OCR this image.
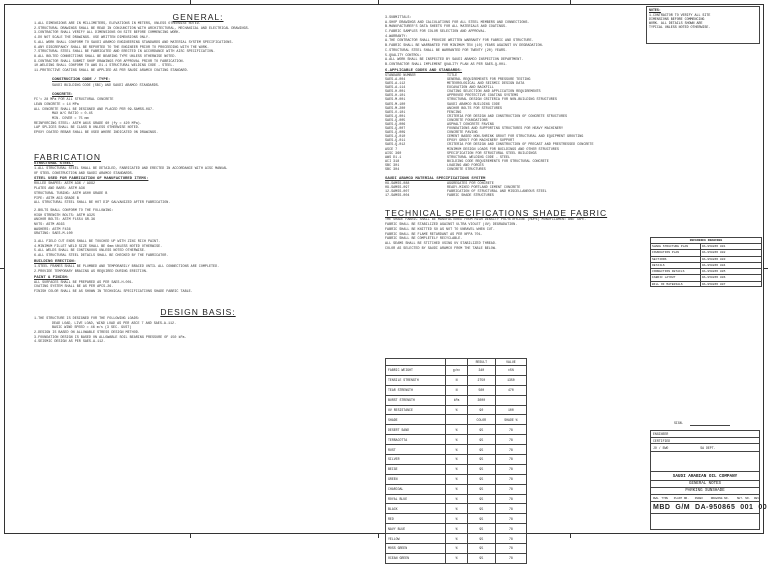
GENERAL:

1.ALL DIMENSIONS ARE IN MILLIMETERS, ELEVATIONS IN METERS, UNLESS OTHERWISE NOTED.

2.STRUCTURAL DRAWINGS SHALL BE READ IN CONJUNCTION WITH ARCHITECTURAL, MECHANICAL AND ELECTRICAL DRAWINGS.

3.CONTRACTOR SHALL VERIFY ALL DIMENSIONS ON SITE BEFORE COMMENCING WORK.

4.DO NOT SCALE THE DRAWINGS. USE WRITTEN DIMENSIONS ONLY.

5.ALL WORK SHALL CONFORM TO SAUDI ARAMCO ENGINEERING STANDARDS AND MATERIAL SYSTEM SPECIFICATIONS.

6.ANY DISCREPANCY SHALL BE REPORTED TO THE ENGINEER PRIOR TO PROCEEDING WITH THE WORK.

7.STRUCTURAL STEEL SHALL BE FABRICATED AND ERECTED IN ACCORDANCE WITH AISC SPECIFICATION.

8.ALL BOLTED CONNECTIONS SHALL BE BEARING TYPE UNLESS OTHERWISE NOTED.

9.CONTRACTOR SHALL SUBMIT SHOP DRAWINGS FOR APPROVAL PRIOR TO FABRICATION.

10.WELDING SHALL CONFORM TO AWS D1.1 STRUCTURAL WELDING CODE - STEEL.

11.PROTECTIVE COATING SHALL BE APPLIED AS PER SAUDI ARAMCO COATING STANDARD.

CONSTRUCTION CODE / TYPE:

SAUDI BUILDING CODE (SBC) AND SAUDI ARAMCO STANDARDS.

CONCRETE:

FC'= 28 MPa FOR ALL STRUCTURAL CONCRETE

LEAN CONCRETE = 14 MPa

ALL CONCRETE SHALL BE DESIGNED AND PLACED PER 09-SAMSS-097.

MAX W/C RATIO = 0.45

MIN. COVER = 75 mm

REINFORCING STEEL: ASTM A615 GRADE 60 (fy = 420 MPa).

LAP SPLICES SHALL BE CLASS B UNLESS OTHERWISE NOTED.

EPOXY COATED REBAR SHALL BE USED WHERE INDICATED ON DRAWINGS.

FABRICATION

STRUCTURAL STEEL:

1.ALL STRUCTURAL STEEL SHALL BE DETAILED, FABRICATED AND ERECTED IN ACCORDANCE WITH AISC MANUAL

OF STEEL CONSTRUCTION AND SAUDI ARAMCO STANDARDS.

STEEL USED FOR FABRICATION OF MANUFACTURED ITEMS:

ROLLED SHAPES: ASTM A36 / A992

PLATES AND BARS: ASTM A36

STRUCTURAL TUBING: ASTM A500 GRADE B

PIPE: ASTM A53 GRADE B

ALL STRUCTURAL STEEL SHALL BE HOT DIP GALVANIZED AFTER FABRICATION.

2.BOLTS SHALL CONFORM TO THE FOLLOWING:

HIGH STRENGTH BOLTS: ASTM A325

ANCHOR BOLTS: ASTM F1554 GR.36

NUTS: ASTM A563

WASHERS: ASTM F436

GRATING: SAES-M-100

3.ALL FIELD CUT ENDS SHALL BE TOUCHED UP WITH ZINC RICH PAINT.

4.MINIMUM FILLET WELD SIZE SHALL BE 6mm UNLESS NOTED OTHERWISE.

5.ALL WELDS SHALL BE CONTINUOUS UNLESS NOTED OTHERWISE.

6.ALL STRUCTURAL STEEL DETAILS SHALL BE CHECKED BY THE FABRICATOR.

BUILDING ERECTION:

1.STEEL FRAMES SHALL BE PLUMBED AND TEMPORARILY BRACED UNTIL ALL CONNECTIONS ARE COMPLETED.

2.PROVIDE TEMPORARY BRACING AS REQUIRED DURING ERECTION.

PAINT & FINISH:

ALL SURFACES SHALL BE PREPARED AS PER SAES-H-001.

COATING SYSTEM SHALL BE AS PER APCS-26.

FINISH COLOR SHALL BE AS SHOWN IN TECHNICAL SPECIFICATIONS SHADE FABRIC TABLE.

DESIGN BASIS:

1.THE STRUCTURE IS DESIGNED FOR THE FOLLOWING LOADS:

DEAD LOAD, LIVE LOAD, WIND LOAD AS PER ASCE 7 AND SAES-A-112.

BASIC WIND SPEED = 46 m/s (3 SEC. GUST)

2.DESIGN IS BASED ON ALLOWABLE STRESS DESIGN METHOD.

3.FOUNDATION DESIGN IS BASED ON ALLOWABLE SOIL BEARING PRESSURE OF 150 kPa.

4.SEISMIC DESIGN AS PER SAES-A-112.

3.SUBMITTALS:

A.SHOP DRAWINGS AND CALCULATIONS FOR ALL STEEL MEMBERS AND CONNECTIONS.

B.MANUFACTURER'S DATA SHEETS FOR ALL MATERIALS AND COATINGS.

C.FABRIC SAMPLES FOR COLOR SELECTION AND APPROVAL.

4.WARRANTY:

A.THE CONTRACTOR SHALL PROVIDE WRITTEN WARRANTY FOR FABRIC AND STRUCTURE.

B.FABRIC SHALL BE WARRANTED FOR MINIMUM TEN (10) YEARS AGAINST UV DEGRADATION.

C.STRUCTURAL STEEL SHALL BE WARRANTED FOR TWENTY (20) YEARS.

5.QUALITY CONTROL:

A.ALL WORK SHALL BE INSPECTED BY SAUDI ARAMCO INSPECTION DEPARTMENT.

B.CONTRACTOR SHALL IMPLEMENT QUALITY PLAN AS PER SAES-Q-001.

6.APPLICABLE CODES AND STANDARDS:

STANDARD NUMBER	TITLE
SAES-A-004	GENERAL REQUIREMENTS FOR PRESSURE TESTING
SAES-A-112	METEOROLOGICAL AND SEISMIC DESIGN DATA
SAES-A-114	EXCAVATION AND BACKFILL
SAES-H-001	COATING SELECTION AND APPLICATION REQUIREMENTS
SAES-H-101	APPROVED PROTECTIVE COATING SYSTEMS
SAES-M-001	STRUCTURAL DESIGN CRITERIA FOR NON-BUILDING STRUCTURES
SAES-M-100	SAUDI ARAMCO BUILDING CODE
SAES-M-200	ANCHOR BOLTS FOR STRUCTURES
SAES-O-101	FENCING
SAES-Q-001	CRITERIA FOR DESIGN AND CONSTRUCTION OF CONCRETE STRUCTURES
SAES-Q-005	CONCRETE FOUNDATIONS
SAES-Q-006	ASPHALT CONCRETE PAVING
SAES-Q-007	FOUNDATIONS AND SUPPORTING STRUCTURES FOR HEAVY MACHINERY
SAES-Q-009	CONCRETE PAVING
SAES-Q-010	CEMENT BASED NON-SHRINK GROUT FOR STRUCTURAL AND EQUIPMENT GROUTING
SAES-Q-011	EPOXY GROUT FOR MACHINERY SUPPORT
SAES-Q-012	CRITERIA FOR DESIGN AND CONSTRUCTION OF PRECAST AND PRESTRESSED CONCRETE
ASCE 7	MINIMUM DESIGN LOADS FOR BUILDINGS AND OTHER STRUCTURES
AISC 360	SPECIFICATION FOR STRUCTURAL STEEL BUILDINGS
AWS D1.1	STRUCTURAL WELDING CODE - STEEL
ACI 318	BUILDING CODE REQUIREMENTS FOR STRUCTURAL CONCRETE
SBC 301	LOADING AND FORCES
SBC 304	CONCRETE STRUCTURES

SAUDI ARAMCO MATERIAL SPECIFICATIONS SYSTEM

09-SAMSS-088	AGGREGATES FOR CONCRETE
09-SAMSS-097	READY-MIXED PORTLAND CEMENT CONCRETE
12-SAMSS-007	FABRICATION OF STRUCTURAL AND MISCELLANEOUS STEEL
17-SAMSS-004	FABRIC SHADE STRUCTURES
TECHNICAL SPECIFICATIONS SHADE FABRIC

THE SHADE FABRIC SHALL BE MANUFACTURED FROM HIGH DENSITY POLYETHYLENE (HDPE) MONOFILAMENT AND TAPE.

FABRIC SHALL BE STABILIZED AGAINST ULTRA VIOLET (UV) DEGRADATION.

FABRIC SHALL BE KNITTED SO AS NOT TO UNRAVEL WHEN CUT.

FABRIC SHALL BE FLAME RETARDANT AS PER NFPA 701.

FABRIC SHALL BE COMPLETELY RECYCLABLE.

ALL SEAMS SHALL BE STITCHED USING UV STABILIZED THREAD.

COLOR AS SELECTED BY SAUDI ARAMCO FROM THE TABLE BELOW.

		RESULT	VALUE
FABRIC WEIGHT	g/m²	340	±5%
TENSILE STRENGTH	N	2750	1350
TEAR STRENGTH	N	500	470
BURST STRENGTH	kPa	3000	
UV RESISTANCE	%	90	100
SHADE		COLOR	SHADE %
DESERT SAND	%	95	78
TERRACOTTA	%	95	78
RUST	%	95	78
SILVER	%	95	78
BEIGE	%	95	78
GREEN	%	95	78
CHARCOAL	%	95	78
ROYAL BLUE	%	95	78
BLACK	%	95	78
RED	%	95	78
NAVY BLUE	%	95	78
YELLOW	%	95	78
MOSS GREEN	%	95	78
OCEAN GREEN	%	95	78
NOTES:
1.CONTRACTOR TO VERIFY ALL SITE
DIMENSIONS BEFORE COMMENCING
WORK. ALL DETAILS SHOWN ARE
TYPICAL UNLESS NOTED OTHERWISE.
REFERENCE DRAWINGS
SHADE STRUCTURE PLAN	DA-950865 001
FOUNDATION PLAN	DA-950865 002
SECTIONS	DA-950865 003
DETAILS	DA-950865 004
CONNECTION DETAILS	DA-950865 005
FABRIC LAYOUT	DA-950865 006
BILL OF MATERIALS	DA-950865 007
SIGN.
ENGINEER
CERTIFIED
JO / EWO	SA DEPT.
SAUDI ARABIAN OIL COMPANY
GENERAL NOTES
PARKING SUNSHADE
DWG. TYPE PLANT NO. INDEX	DRAWING NO.	SHT. NO. REV.
MBD G/M DA-950865 001 00
